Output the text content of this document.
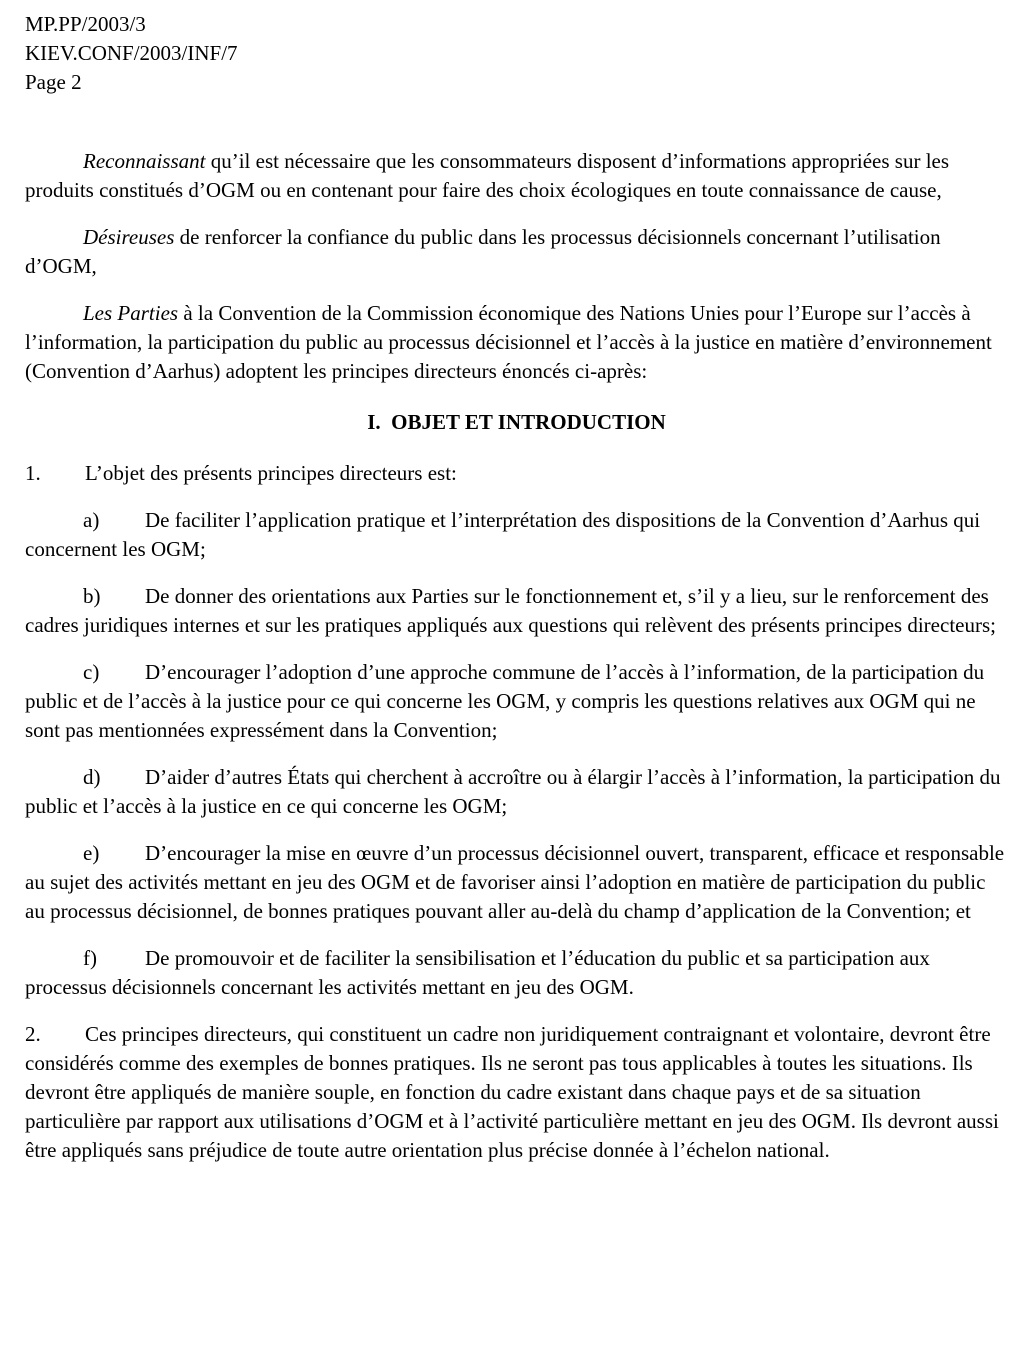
MP.PP/2003/3
KIEV.CONF/2003/INF/7
Page 2

Reconnaissant qu’il est nécessaire que les consommateurs disposent d’informations appropriées sur les produits constitués d’OGM ou en contenant pour faire des choix écologiques en toute connaissance de cause,

Désireuses de renforcer la confiance du public dans les processus décisionnels concernant l’utilisation d’OGM,

Les Parties à la Convention de la Commission économique des Nations Unies pour l’Europe sur l’accès à l’information, la participation du public au processus décisionnel et l’accès à la justice en matière d’environnement (Convention d’Aarhus) adoptent les principes directeurs énoncés ci-après:

I.  OBJET ET INTRODUCTION

1. L’objet des présents principes directeurs est:

a) De faciliter l’application pratique et l’interprétation des dispositions de la Convention d’Aarhus qui concernent les OGM;

b) De donner des orientations aux Parties sur le fonctionnement et, s’il y a lieu, sur le renforcement des cadres juridiques internes et sur les pratiques appliqués aux questions qui relèvent des présents principes directeurs;

c) D’encourager l’adoption d’une approche commune de l’accès à l’information, de la participation du public et de l’accès à la justice pour ce qui concerne les OGM, y compris les questions relatives aux OGM qui ne sont pas mentionnées expressément dans la Convention;

d) D’aider d’autres États qui cherchent à accroître ou à élargir l’accès à l’information, la participation du public et l’accès à la justice en ce qui concerne les OGM;

e) D’encourager la mise en œuvre d’un processus décisionnel ouvert, transparent, efficace et responsable au sujet des activités mettant en jeu des OGM et de favoriser ainsi l’adoption en matière de participation du public au processus décisionnel, de bonnes pratiques pouvant aller au-delà du champ d’application de la Convention; et

f) De promouvoir et de faciliter la sensibilisation et l’éducation du public et sa participation aux processus décisionnels concernant les activités mettant en jeu des OGM.

2. Ces principes directeurs, qui constituent un cadre non juridiquement contraignant et volontaire, devront être considérés comme des exemples de bonnes pratiques. Ils ne seront pas tous applicables à toutes les situations. Ils devront être appliqués de manière souple, en fonction du cadre existant dans chaque pays et de sa situation particulière par rapport aux utilisations d’OGM et à l’activité particulière mettant en jeu des OGM. Ils devront aussi être appliqués sans préjudice de toute autre orientation plus précise donnée à l’échelon national.
